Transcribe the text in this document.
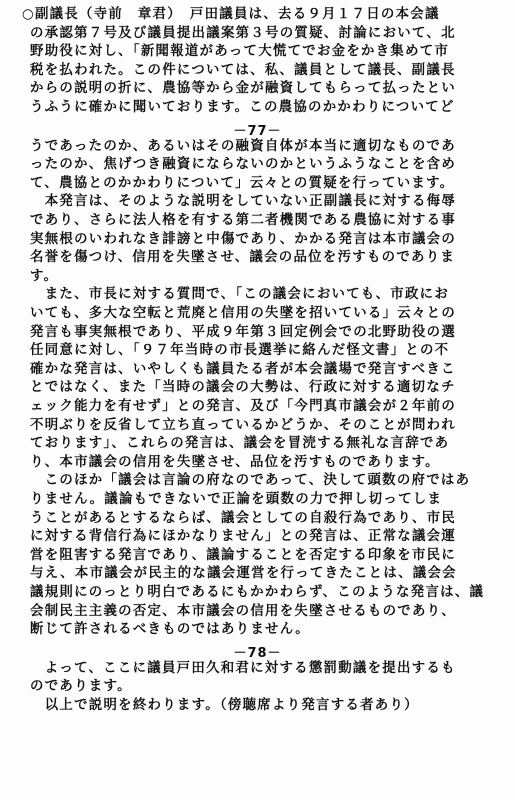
○副議長（寺前　章君）　 戸田議員は、去る９月１７日の本会議
の承認第７号及び議員提出議案第３号の質疑、討論において、北
野助役に対し、「新聞報道があって大慌てでお金をかき集めて市
税を払われた。この件については、私、議員として議長、副議長
からの説明の折に、農協等から金が融資してもらって払ったとい
うふうに確かに聞いております。この農協のかかわりについてど
－77－
うであったのか、あるいはその融資自体が本当に適切なものであ
ったのか、焦げつき融資にならないのかというふうなことを含め
て、農協とのかかわりについて」云々との質疑を行っています。
　本発言は、そのような説明をしていない正副議長に対する侮辱
であり、さらに法人格を有する第二者機関である農協に対する事
実無根のいわれなき誹謗と中傷であり、かかる発言は本市議会の
名誉を傷つけ、信用を失墜させ、議会の品位を汚すものでありま
す。
　また、市長に対する質問で、「この議会においても、市政にお
いても、多大な空転と荒廃と信用の失墜を招いている」云々との
発言も事実無根であり、平成９年第３回定例会での北野助役の選
任同意に対し、「９７年当時の市長選挙に絡んだ怪文書」との不
確かな発言は、いやしくも議員たる者が本会議場で発言すべきこ
とではなく、また「当時の議会の大勢は、行政に対する適切なチ
ェック能力を有せず」との発言、及び「今門真市議会が２年前の
不明ぶりを反省して立ち直っているかどうか、そのことが問われ
ております」、これらの発言は、議会を冒涜する無礼な言辞であ
り、本市議会の信用を失墜させ、品位を汚すものであります。
　このほか「議会は言論の府なのであって、決して頭数の府ではあ
りません。議論もできないで正論を頭数の力で押し切ってしま
うことがあるとするならば、議会としての自殺行為であり、市民
に対する背信行為にほかなりません」との発言は、正常な議会運
営を阻害する発言であり、議論することを否定する印象を市民に
与え、本市議会が民主的な議会運営を行ってきたことは、議会会
議規則にのっとり明白であるにもかかわらず、このような発言は、議
会制民主主義の否定、本市議会の信用を失墜させるものであり、
断じて許されるべきものではありません。
－78－
　よって、ここに議員戸田久和君に対する懲罰動議を提出するも
のであります。
　以上で説明を終わります。（傍聴席より発言する者あり）
